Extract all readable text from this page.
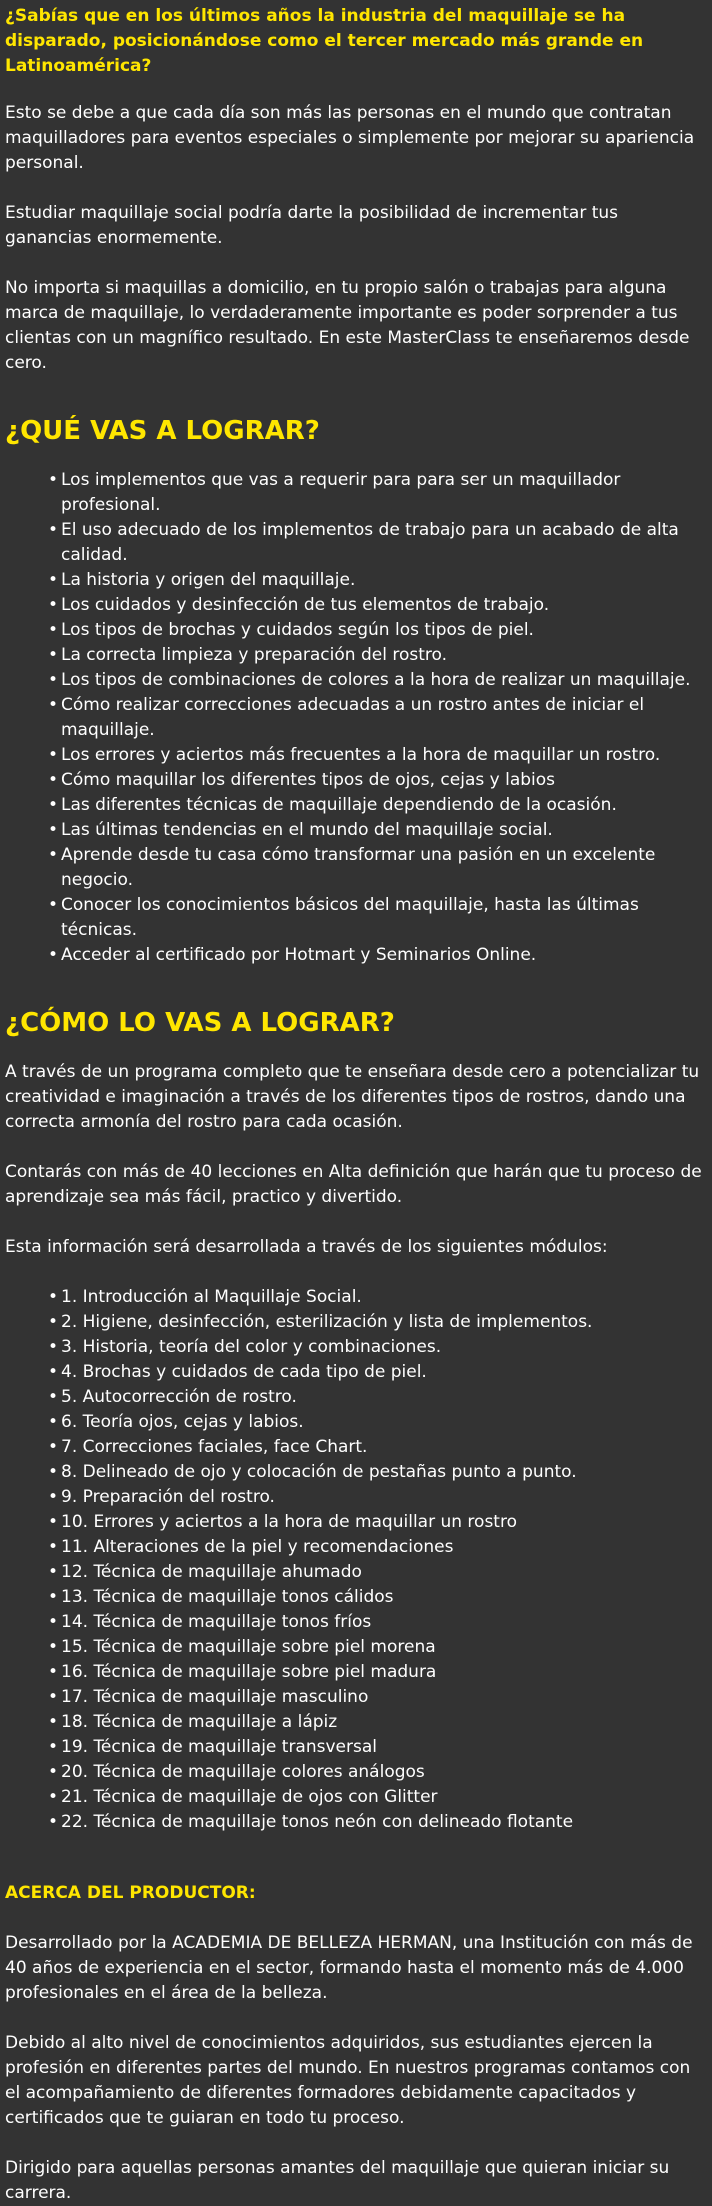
¿Sabías que en los últimos años la industria del maquillaje se ha disparado, posicionándose como el tercer mercado más grande en Latinoamérica?

Esto se debe a que cada día son más las personas en el mundo que contratan maquilladores para eventos especiales o simplemente por mejorar su apariencia personal.

Estudiar maquillaje social podría darte la posibilidad de incrementar tus ganancias enormemente.

No importa si maquillas a domicilio, en tu propio salón o trabajas para alguna marca de maquillaje, lo verdaderamente importante es poder sorprender a tus clientas con un magnífico resultado. En este MasterClass te enseñaremos desde cero.

¿QUÉ VAS A LOGRAR?
• Los implementos que vas a requerir para para ser un maquillador profesional.
• El uso adecuado de los implementos de trabajo para un acabado de alta calidad.
• La historia y origen del maquillaje.
• Los cuidados y desinfección de tus elementos de trabajo.
• Los tipos de brochas y cuidados según los tipos de piel.
• La correcta limpieza y preparación del rostro.
• Los tipos de combinaciones de colores a la hora de realizar un maquillaje.
• Cómo realizar correcciones adecuadas a un rostro antes de iniciar el maquillaje.
• Los errores y aciertos más frecuentes a la hora de maquillar un rostro.
• Cómo maquillar los diferentes tipos de ojos, cejas y labios
• Las diferentes técnicas de maquillaje dependiendo de la ocasión.
• Las últimas tendencias en el mundo del maquillaje social.
• Aprende desde tu casa cómo transformar una pasión en un excelente negocio.
• Conocer los conocimientos básicos del maquillaje, hasta las últimas técnicas.
• Acceder al certificado por Hotmart y Seminarios Online.
¿CÓMO LO VAS A LOGRAR?

A través de un programa completo que te enseñara desde cero a potencializar tu creatividad e imaginación a través de los diferentes tipos de rostros, dando una correcta armonía del rostro para cada ocasión.

Contarás con más de 40 lecciones en Alta definición que harán que tu proceso de aprendizaje sea más fácil, practico y divertido.

Esta información será desarrollada a través de los siguientes módulos:

• 1. Introducción al Maquillaje Social.
• 2. Higiene, desinfección, esterilización y lista de implementos.
• 3. Historia, teoría del color y combinaciones.
• 4. Brochas y cuidados de cada tipo de piel.
• 5. Autocorrección de rostro.
• 6. Teoría ojos, cejas y labios.
• 7. Correcciones faciales, face Chart.
• 8. Delineado de ojo y colocación de pestañas punto a punto.
• 9. Preparación del rostro.
• 10. Errores y aciertos a la hora de maquillar un rostro
• 11. Alteraciones de la piel y recomendaciones
• 12. Técnica de maquillaje ahumado
• 13. Técnica de maquillaje tonos cálidos
• 14. Técnica de maquillaje tonos fríos
• 15. Técnica de maquillaje sobre piel morena
• 16. Técnica de maquillaje sobre piel madura
• 17. Técnica de maquillaje masculino
• 18. Técnica de maquillaje a lápiz
• 19. Técnica de maquillaje transversal
• 20. Técnica de maquillaje colores análogos
• 21. Técnica de maquillaje de ojos con Glitter
• 22. Técnica de maquillaje tonos neón con delineado flotante
ACERCA DEL PRODUCTOR:

Desarrollado por la ACADEMIA DE BELLEZA HERMAN, una Institución con más de 40 años de experiencia en el sector, formando hasta el momento más de 4.000 profesionales en el área de la belleza.

Debido al alto nivel de conocimientos adquiridos, sus estudiantes ejercen la profesión en diferentes partes del mundo. En nuestros programas contamos con el acompañamiento de diferentes formadores debidamente capacitados y certificados que te guiaran en todo tu proceso.

Dirigido para aquellas personas amantes del maquillaje que quieran iniciar su carrera.
